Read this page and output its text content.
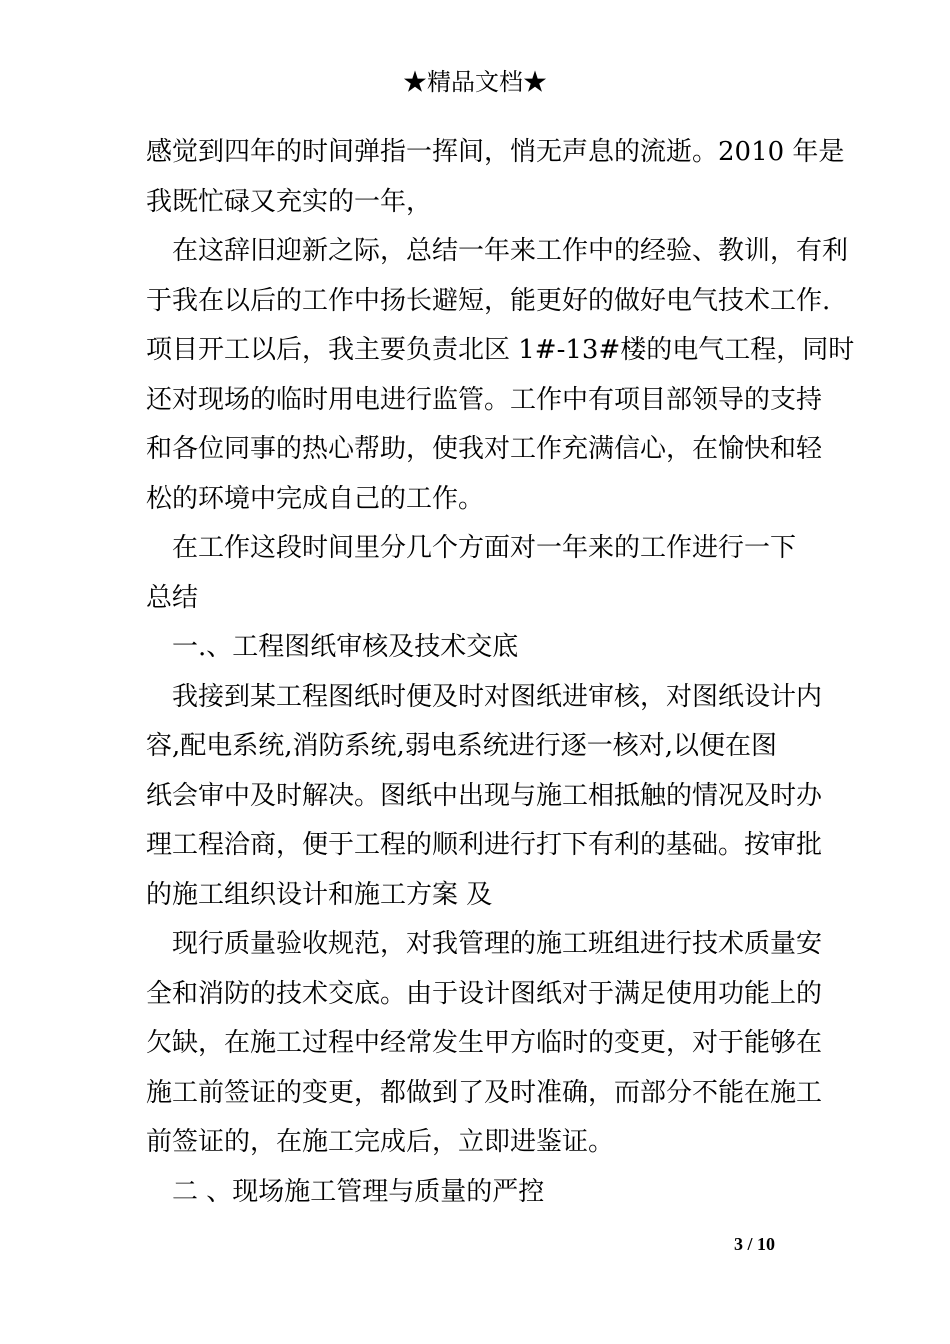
★精品文档★
感觉到四年的时间弹指一挥间，悄无声息的流逝。2010 年是
我既忙碌又充实的一年，
在这辞旧迎新之际，总结一年来工作中的经验、教训，有利
于我在以后的工作中扬长避短，能更好的做好电气技术工作.
项目开工以后，我主要负责北区 1#-13#楼的电气工程，同时
还对现场的临时用电进行监管。工作中有项目部领导的支持
和各位同事的热心帮助，使我对工作充满信心，在愉快和轻
松的环境中完成自己的工作。
在工作这段时间里分几个方面对一年来的工作进行一下
总结
一.、工程图纸审核及技术交底
我接到某工程图纸时便及时对图纸进审核，对图纸设计内
容,配电系统,消防系统,弱电系统进行逐一核对,以便在图
纸会审中及时解决。图纸中出现与施工相抵触的情况及时办
理工程洽商，便于工程的顺利进行打下有利的基础。按审批
的施工组织设计和施工方案 及
现行质量验收规范，对我管理的施工班组进行技术质量安
全和消防的技术交底。由于设计图纸对于满足使用功能上的
欠缺，在施工过程中经常发生甲方临时的变更，对于能够在
施工前签证的变更，都做到了及时准确，而部分不能在施工
前签证的，在施工完成后，立即进鉴证。
二 、现场施工管理与质量的严控
3 / 10
